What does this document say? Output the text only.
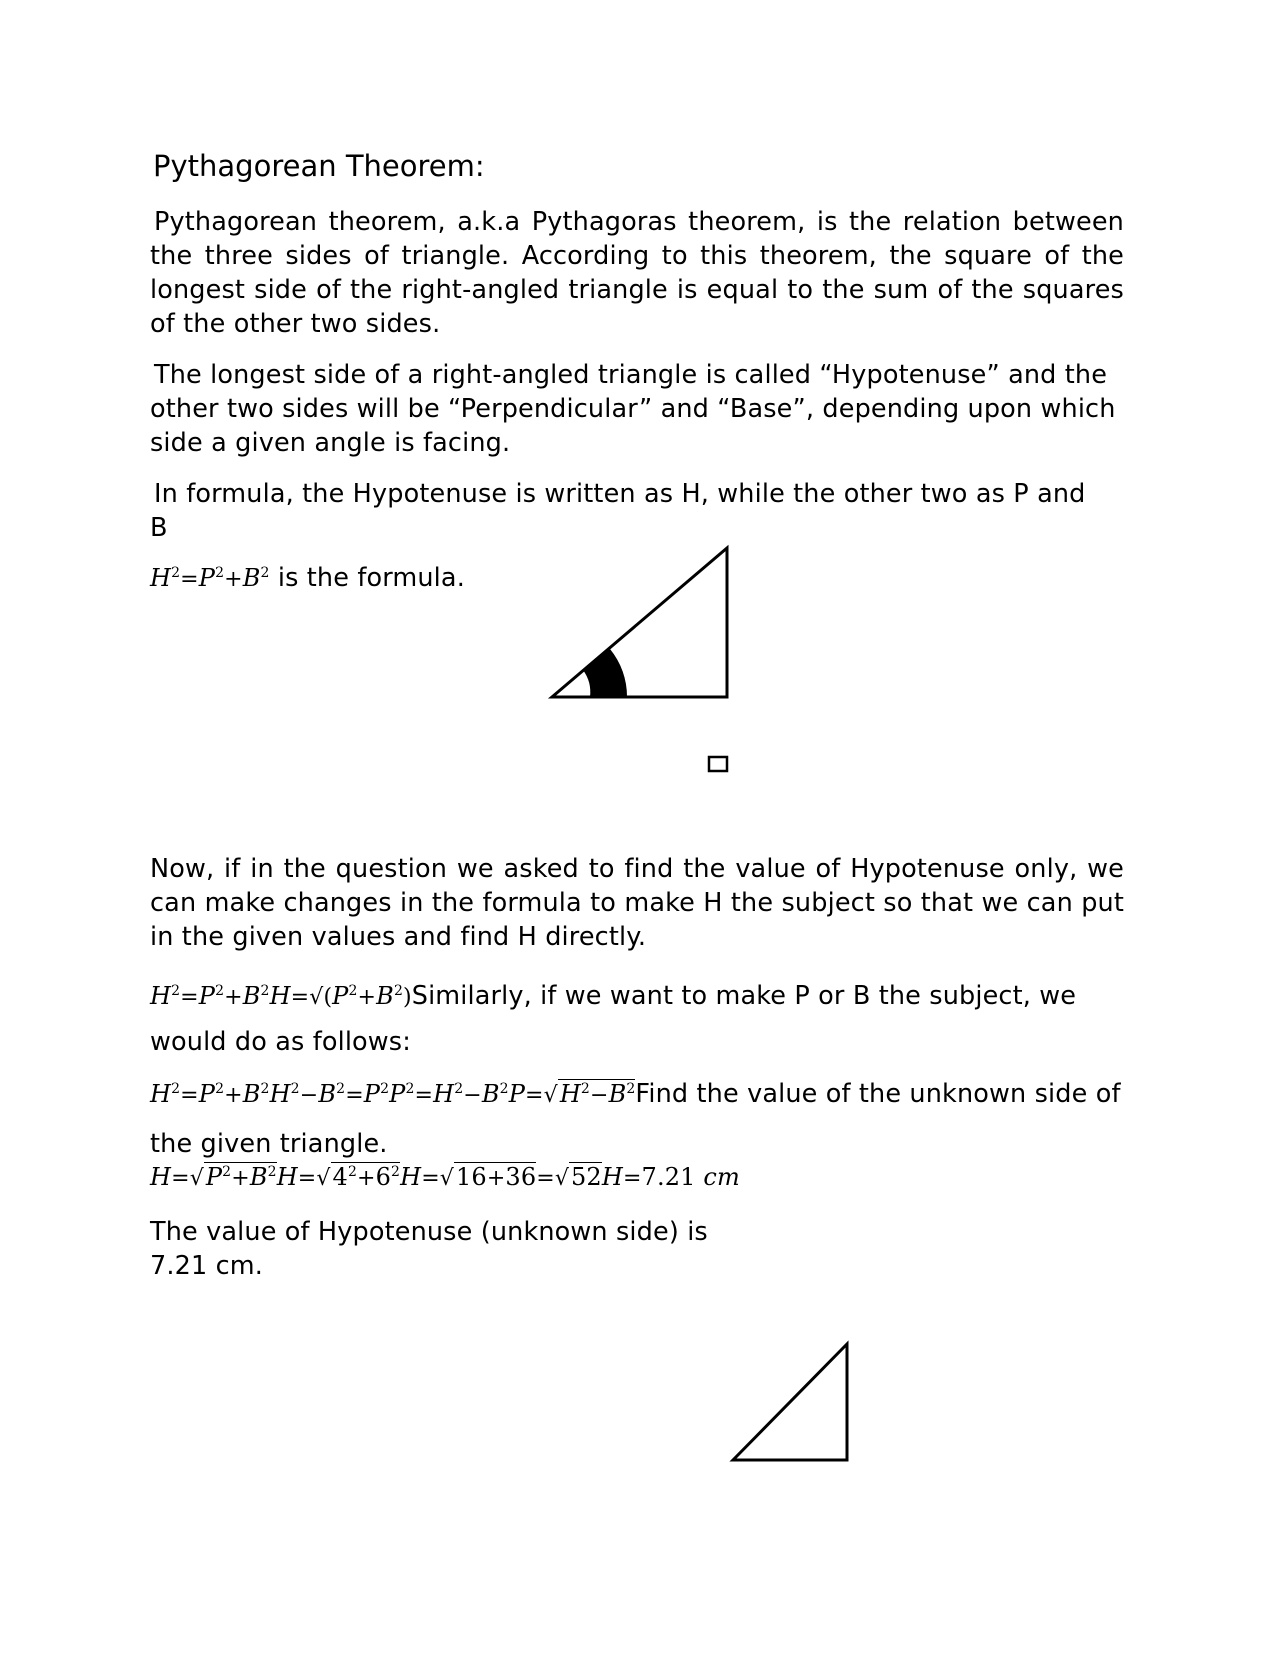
Pythagorean Theorem:

Pythagorean theorem, a.k.a Pythagoras theorem, is the relation between the three sides of triangle. According to this theorem, the square of the longest side of the right-angled triangle is equal to the sum of the squares of the other two sides.

The longest side of a right-angled triangle is called “Hypotenuse” and the other two sides will be “Perpendicular” and “Base”, depending upon which side a given angle is facing.

In formula, the Hypotenuse is written as H, while the other two as P and B

$H^2=P^2+B^2$ is the formula.

Now, if in the question we asked to find the value of Hypotenuse only, we can make changes in the formula to make H the subject so that we can put in the given values and find H directly.

$H^2=P^2+B^2H=√(P^2+B^2)Similarly$, if we want to make P or B the subject, we would do as follows:
$H^2=P^2+B^2H^2-B^2=P^2P^2=H^2-B^2P=√H^2-B^2Find$ the value of the unknown side of the given triangle.
$H=√P^2+B^2H=√4^2+6^2H=√16+36=√52H=7.21$ cm

The value of Hypotenuse (unknown side) is 7.21 cm.
